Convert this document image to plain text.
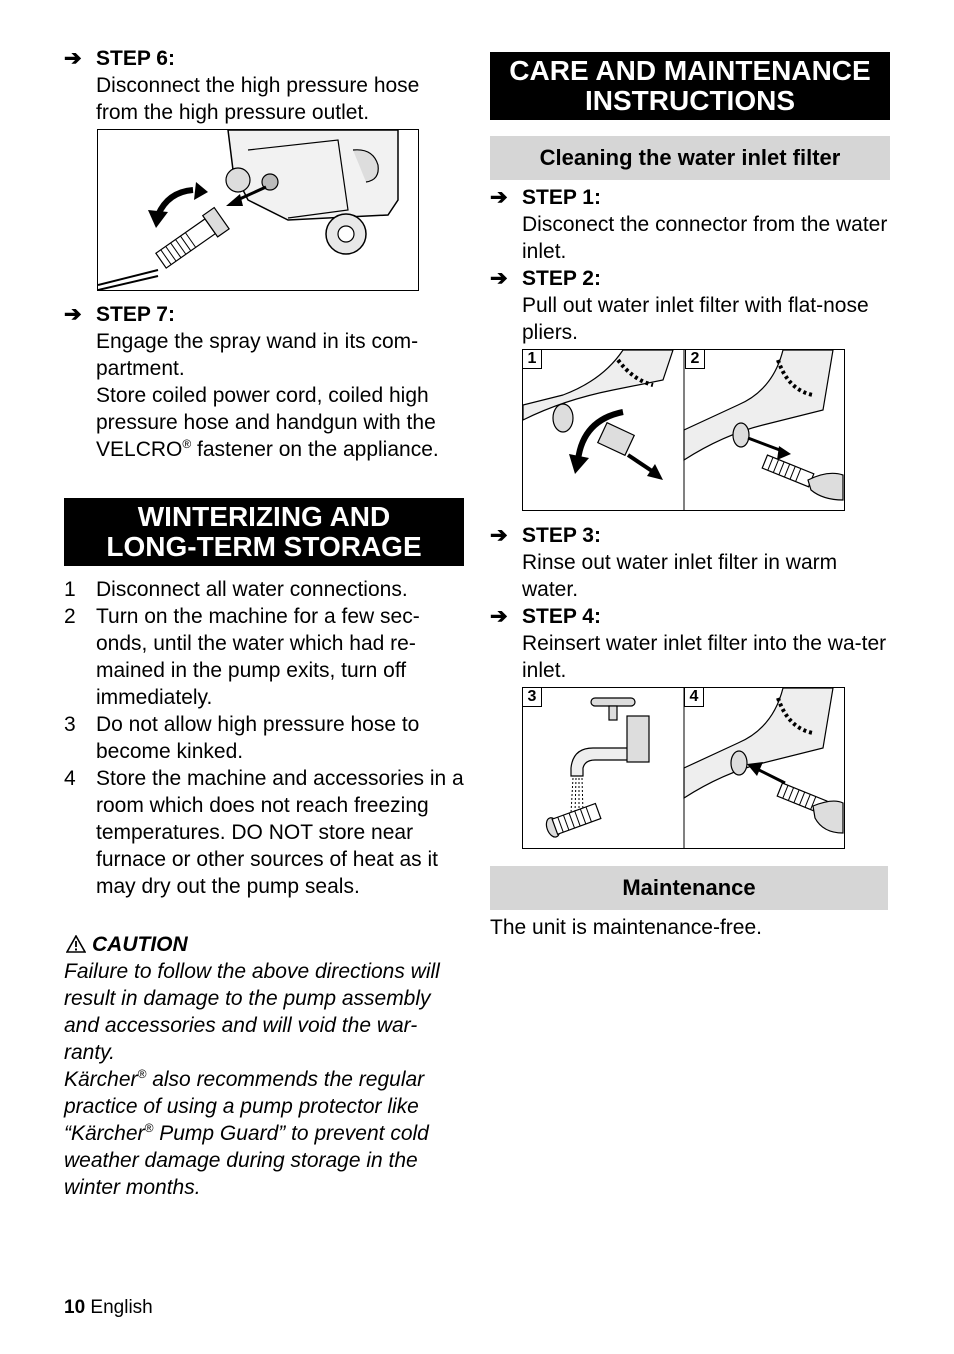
➔ STEP 6:
Disconnect the high pressure hose from the high pressure outlet.
➔ STEP 7:

Engage the spray wand in its com-partment.

Store coiled power cord, coiled high pressure hose and handgun with the VELCRO® fastener on the appliance.

WINTERIZING AND
LONG-TERM STORAGE
1 Disconnect all water connections.
2 Turn on the machine for a few sec-onds, until the water which had re-mained in the pump exits, turn off immediately.
3 Do not allow high pressure hose to become kinked.
4 Store the machine and accessories in a room which does not reach freezing temperatures. DO NOT store near furnace or other sources of heat as it may dry out the pump seals.
CAUTION

Failure to follow the above directions will result in damage to the pump assembly and accessories and will void the war-ranty.

Kärcher® also recommends the regular practice of using a pump protector like “Kärcher® Pump Guard” to prevent cold weather damage during storage in the winter months.

CARE AND MAINTENANCE
INSTRUCTIONS
Cleaning the water inlet filter
➔ STEP 1:
Disconect the connector from the water inlet.
➔ STEP 2:
Pull out water inlet filter with flat-nose pliers.
1	2
➔ STEP 3:
Rinse out water inlet filter in warm water.
➔ STEP 4:
Reinsert water inlet filter into the wa-ter inlet.
3	4
Maintenance
The unit is maintenance-free.
10 English
